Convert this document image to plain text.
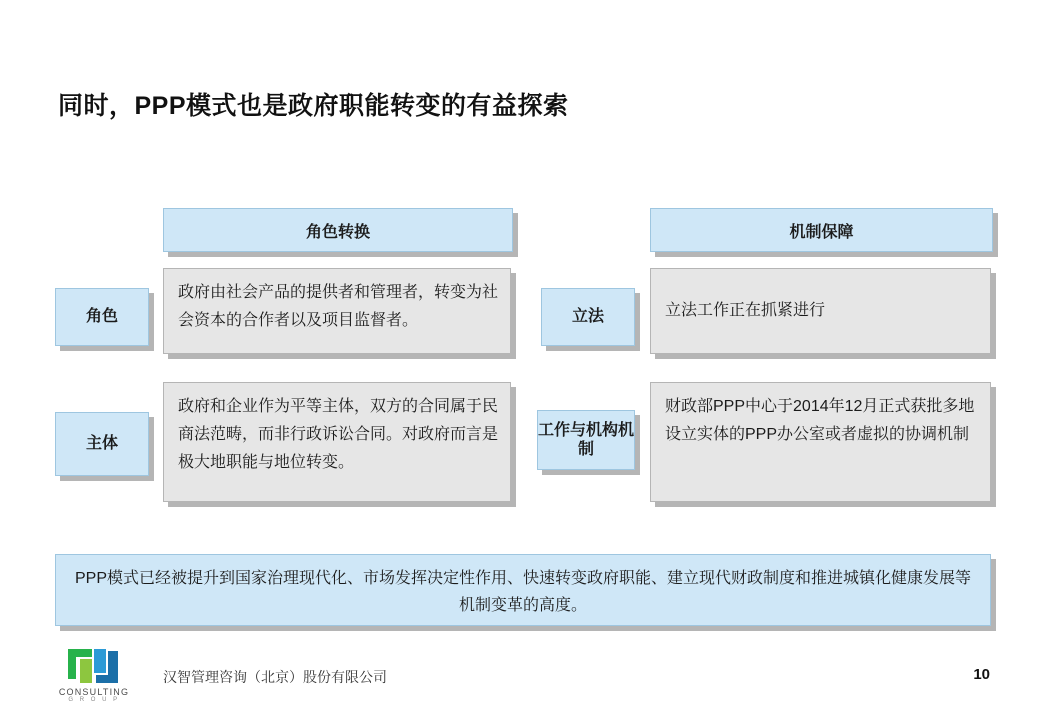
同时，PPP模式也是政府职能转变的有益探索
角色转换	机制保障
角色
主体
立法
工作与机构机制
政府由社会产品的提供者和管理者，转变为社会资本的合作者以及项目监督者。
政府和企业作为平等主体，双方的合同属于民商法范畴，而非行政诉讼合同。对政府而言是极大地职能与地位转变。
立法工作正在抓紧进行
财政部PPP中心于2014年12月正式获批多地设立实体的PPP办公室或者虚拟的协调机制
PPP模式已经被提升到国家治理现代化、市场发挥决定性作用、快速转变政府职能、建立现代财政制度和推进城镇化健康发展等机制变革的高度。
CONSULTING
G R O U P
汉智管理咨询（北京）股份有限公司	10
